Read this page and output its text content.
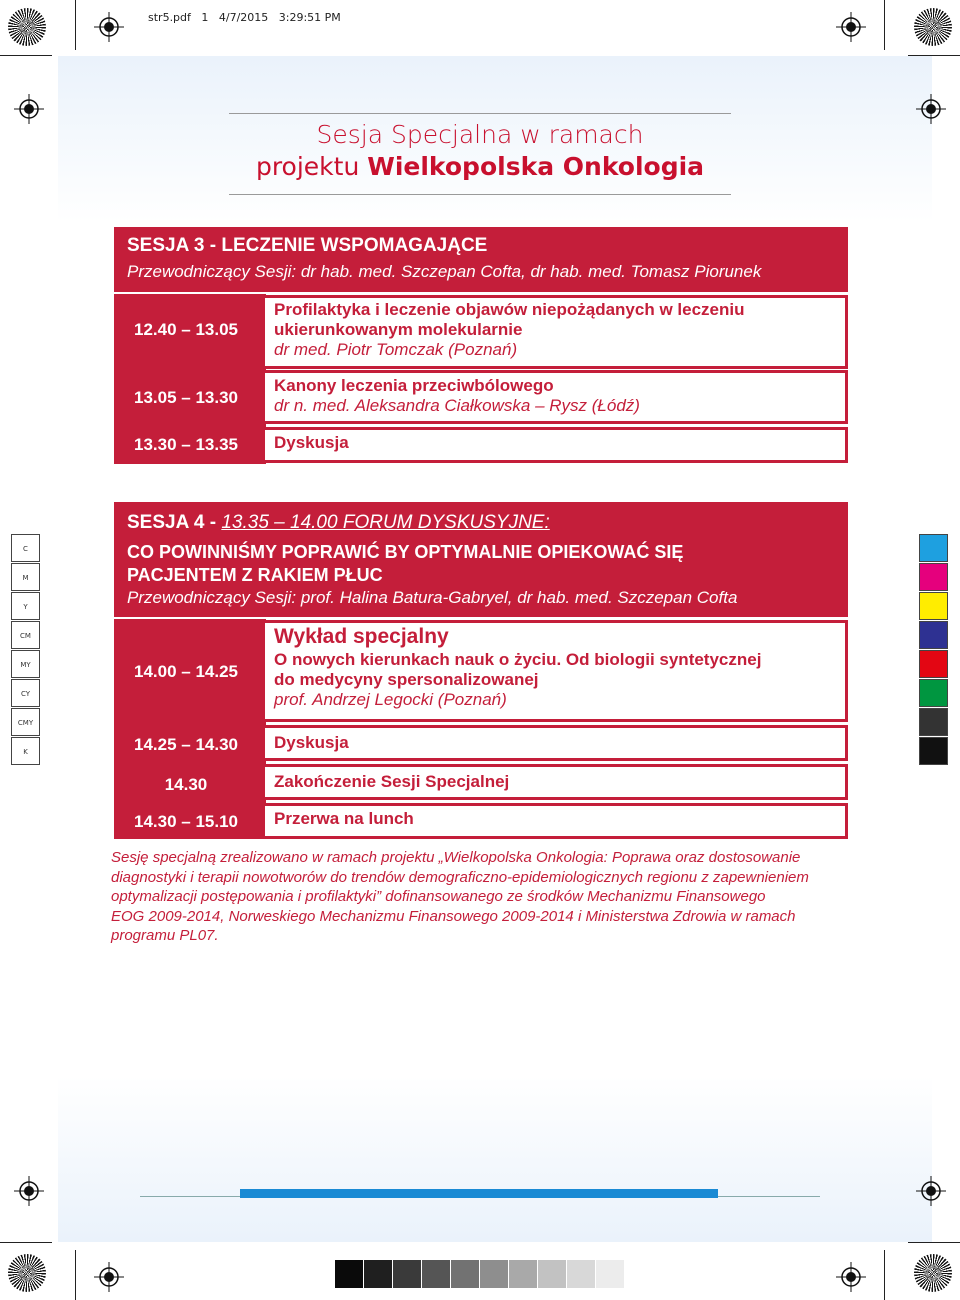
str5.pdf   1   4/7/2015   3:29:51 PM
Sesja Specjalna w ramach
projektu Wielkopolska Onkologia
SESJA 3 - LECZENIE WSPOMAGAJĄCE
Przewodniczący Sesji: dr hab. med. Szczepan Cofta, dr hab. med. Tomasz Piorunek
12.40 – 13.05
13.05 – 13.30
13.30 – 13.35
Profilaktyka i leczenie objawów niepożądanych w leczeniu
ukierunkowanym molekularnie
dr med. Piotr Tomczak (Poznań)
Kanony leczenia przeciwbólowego
dr n. med. Aleksandra Ciałkowska – Rysz (Łódź)
Dyskusja
SESJA 4 - 13.35 – 14.00 FORUM DYSKUSYJNE:
CO POWINNIŚMY POPRAWIĆ BY OPTYMALNIE OPIEKOWAĆ SIĘ
PACJENTEM Z RAKIEM PŁUC
Przewodniczący Sesji: prof. Halina Batura-Gabryel, dr hab. med. Szczepan Cofta
14.00 – 14.25
14.25 – 14.30
14.30
14.30 – 15.10
Wykład specjalny
O nowych kierunkach nauk o życiu. Od biologii syntetycznej
do medycyny spersonalizowanej
prof. Andrzej Legocki (Poznań)
Dyskusja
Zakończenie Sesji Specjalnej
Przerwa na lunch
Sesję specjalną zrealizowano w ramach projektu „Wielkopolska Onkologia: Poprawa oraz dostosowanie
diagnostyki i terapii nowotworów do trendów demograficzno-epidemiologicznych regionu z zapewnieniem
optymalizacji postępowania i profilaktyki” dofinansowanego ze środków Mechanizmu Finansowego
EOG 2009-2014, Norweskiego Mechanizmu Finansowego 2009-2014 i Ministerstwa Zdrowia w ramach
programu PL07.
C
M
Y
CM
MY
CY
CMY
K
